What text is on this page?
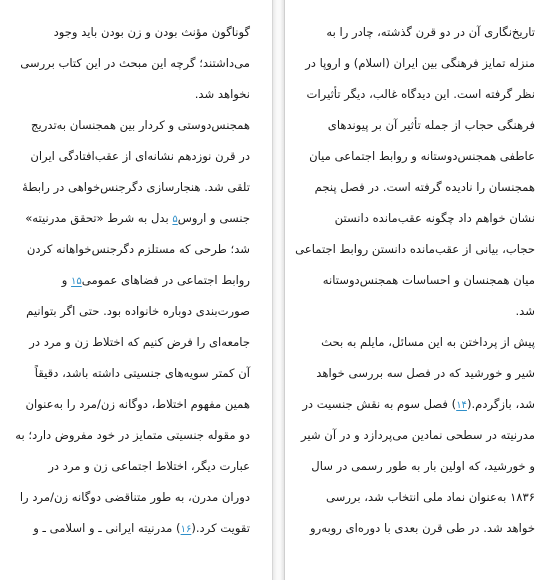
گوناگون مؤنث بودن و زن بودن باید وجود
می‌داشتند؛ گرچه این مبحث در این کتاب بررسی
نخواهد شد.
همجنس‌دوستی و کردار بین همجنسان به‌تدریج
در قرن نوزدهم نشانه‌ای از عقب‌افتادگی ایران
تلقی شد. هنجارسازی دگرجنس‌خواهی در رابطهٔ
جنسی و اروس۵ بدل به شرط «تحقق مدرنیته»
شد؛ طرحی که مستلزم دگرجنس‌خواهانه کردن
روابط اجتماعی در فضاهای عمومی۱۵ و
صورت‌بندی دوباره خانواده بود. حتی اگر بتوانیم
جامعه‌ای را فرض کنیم که اختلاط زن و مرد در
آن کمتر سویه‌های جنسیتی داشته باشد، دقیقاً
همین مفهوم اختلاط، دوگانه زن/مرد را به‌عنوان
دو مقوله جنسیتی متمایز در خود مفروض دارد؛ به
عبارت دیگر، اختلاط اجتماعی زن و مرد در
دوران مدرن، به طور متناقضی دوگانه زن/مرد را
تقویت کرد.(۱۶) مدرنیته ایرانی ـ و اسلامی ـ و
تاریخ‌نگاری آن در دو قرن گذشته، چادر را به
منزله تمایز فرهنگی بین ایران (اسلام) و اروپا در
نظر گرفته است. این دیدگاه غالب، دیگر تأثیرات
فرهنگی حجاب از جمله تأثیر آن بر پیوندهای
عاطفی همجنس‌دوستانه و روابط اجتماعی میان
همجنسان را نادیده گرفته است. در فصل پنجم
نشان خواهم داد چگونه عقب‌مانده دانستن
حجاب، بیانی از عقب‌مانده دانستن روابط اجتماعی
میان همجنسان و احساسات همجنس‌دوستانه
شد.
پیش از پرداختن به این مسائل، مایلم به بحث
شیر و خورشید که در فصل سه بررسی خواهد
شد، بازگردم.(۱۴) فصل سوم به نقش جنسیت در
مدرنیته در سطحی نمادین می‌پردازد و در آن شیر
و خورشید، که اولین بار به طور رسمی در سال
۱۸۳۶ به‌عنوان نماد ملی انتخاب شد، بررسی
خواهد شد. در طی قرن بعدی با دوره‌ای روبه‌رو
